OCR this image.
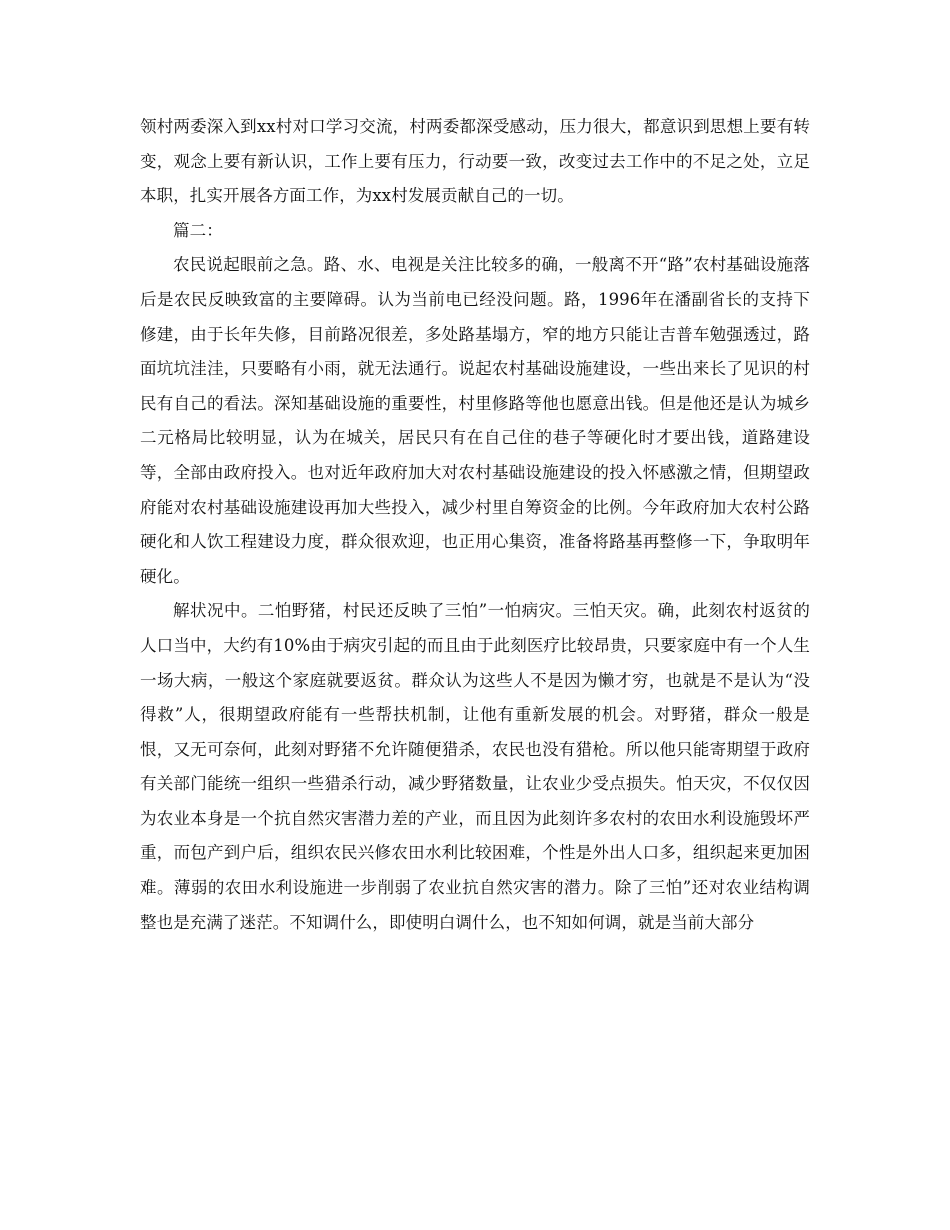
领村两委深入到xx村对口学习交流，村两委都深受感动，压力很大，都意识到思想上要有转变，观念上要有新认识，工作上要有压力，行动要一致，改变过去工作中的不足之处，立足本职，扎实开展各方面工作，为xx村发展贡献自己的一切。

篇二：

农民说起眼前之急。路、水、电视是关注比较多的确，一般离不开“路”农村基础设施落后是农民反映致富的主要障碍。认为当前电已经没问题。路，1996年在潘副省长的支持下修建，由于长年失修，目前路况很差，多处路基塌方，窄的地方只能让吉普车勉强透过，路面坑坑洼洼，只要略有小雨，就无法通行。说起农村基础设施建设，一些出来长了见识的村民有自己的看法。深知基础设施的重要性，村里修路等他也愿意出钱。但是他还是认为城乡二元格局比较明显，认为在城关，居民只有在自己住的巷子等硬化时才要出钱，道路建设等，全部由政府投入。也对近年政府加大对农村基础设施建设的投入怀感激之情，但期望政府能对农村基础设施建设再加大些投入，减少村里自筹资金的比例。今年政府加大农村公路硬化和人饮工程建设力度，群众很欢迎，也正用心集资，准备将路基再整修一下，争取明年硬化。

解状况中。二怕野猪，村民还反映了三怕”一怕病灾。三怕天灾。确，此刻农村返贫的人口当中，大约有10%由于病灾引起的而且由于此刻医疗比较昂贵，只要家庭中有一个人生一场大病，一般这个家庭就要返贫。群众认为这些人不是因为懒才穷，也就是不是认为“没得救”人，很期望政府能有一些帮扶机制，让他有重新发展的机会。对野猪，群众一般是恨，又无可奈何，此刻对野猪不允许随便猎杀，农民也没有猎枪。所以他只能寄期望于政府有关部门能统一组织一些猎杀行动，减少野猪数量，让农业少受点损失。怕天灾，不仅仅因为农业本身是一个抗自然灾害潜力差的产业，而且因为此刻许多农村的农田水利设施毁坏严重，而包产到户后，组织农民兴修农田水利比较困难，个性是外出人口多，组织起来更加困难。薄弱的农田水利设施进一步削弱了农业抗自然灾害的潜力。除了三怕”还对农业结构调整也是充满了迷茫。不知调什么，即使明白调什么，也不知如何调，就是当前大部分
